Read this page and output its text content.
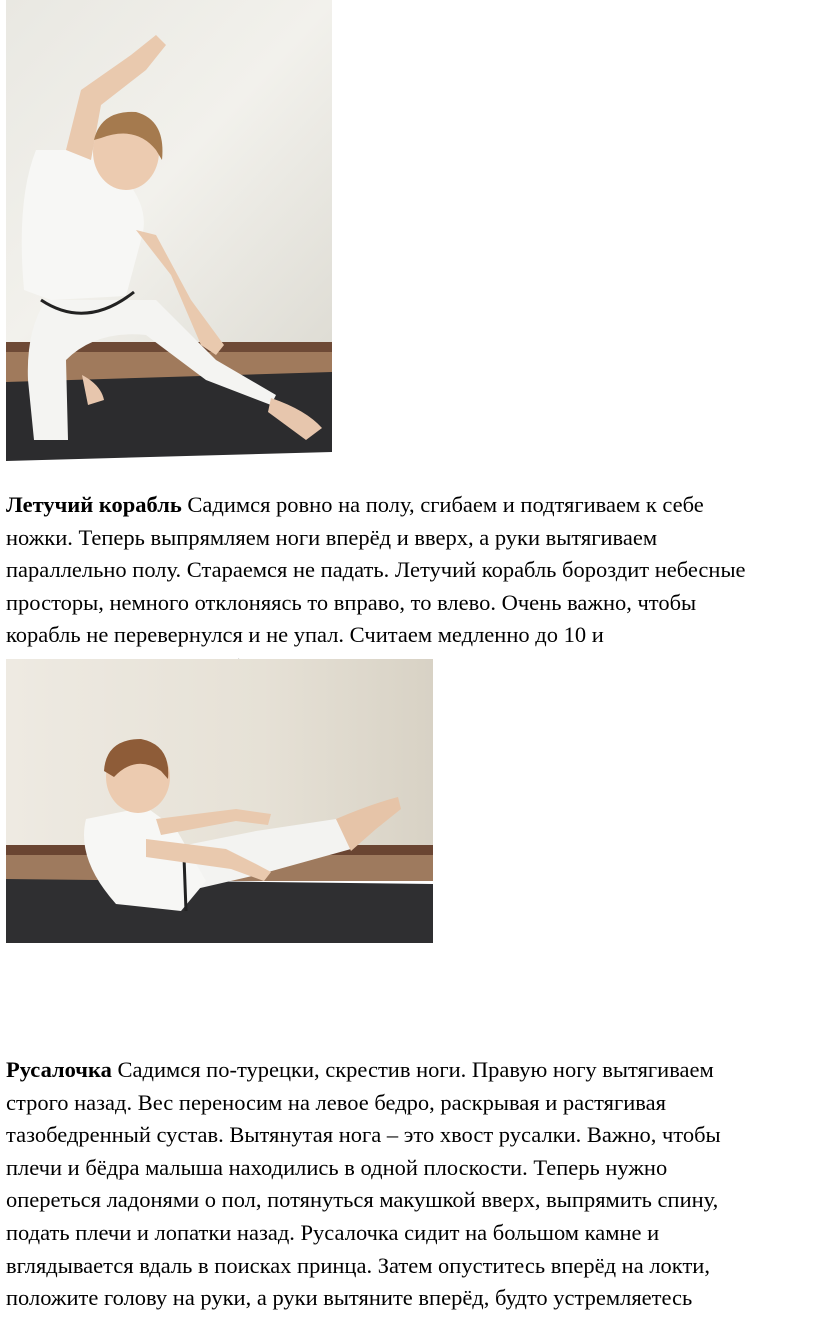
Летучий корабль Садимся ровно на полу, сгибаем и подтягиваем к себе
ножки. Теперь выпрямляем ноги вперёд и вверх, а руки вытягиваем
параллельно полу. Стараемся не падать. Летучий корабль бороздит небесные
просторы, немного отклоняясь то вправо, то влево. Очень важно, чтобы
корабль не перевернулся и не упал. Считаем медленно до 10 и

Русалочка Садимся по-турецки, скрестив ноги. Правую ногу вытягиваем
строго назад. Вес переносим на левое бедро, раскрывая и растягивая
тазобедренный сустав. Вытянутая нога – это хвост русалки. Важно, чтобы
плечи и бёдра малыша находились в одной плоскости. Теперь нужно
опереться ладонями о пол, потянуться макушкой вверх, выпрямить спину,
подать плечи и лопатки назад. Русалочка сидит на большом камне и
вглядывается вдаль в поисках принца. Затем опуститесь вперёд на локти,
положите голову на руки, а руки вытяните вперёд, будто устремляетесь
